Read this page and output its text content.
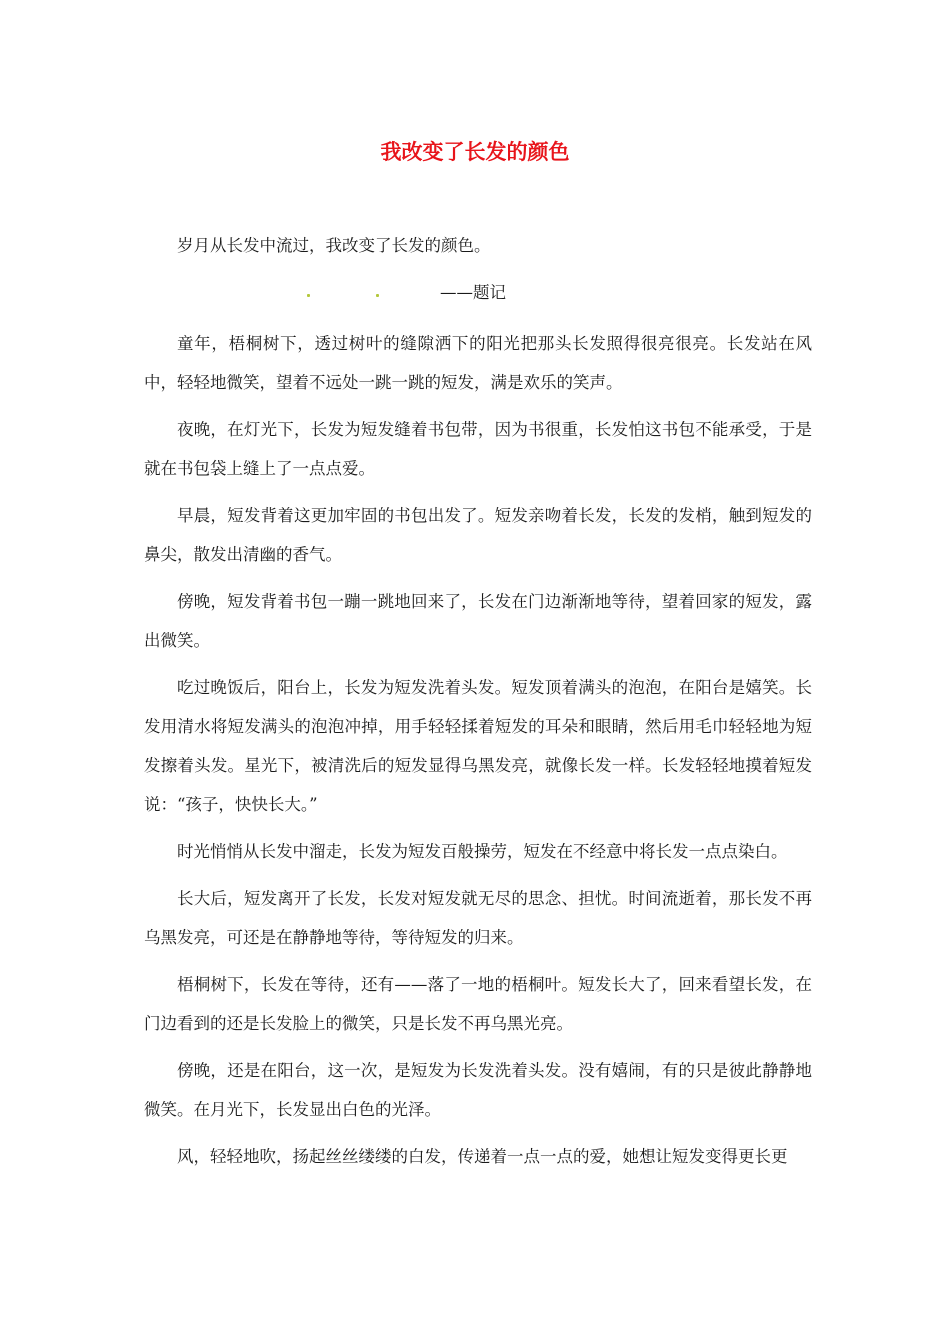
我改变了长发的颜色

岁月从长发中流过，我改变了长发的颜色。

——题记

童年，梧桐树下，透过树叶的缝隙洒下的阳光把那头长发照得很亮很亮。长发站在风中，轻轻地微笑，望着不远处一跳一跳的短发，满是欢乐的笑声。

夜晚，在灯光下，长发为短发缝着书包带，因为书很重，长发怕这书包不能承受，于是就在书包袋上缝上了一点点爱。

早晨，短发背着这更加牢固的书包出发了。短发亲吻着长发，长发的发梢，触到短发的鼻尖，散发出清幽的香气。

傍晚，短发背着书包一蹦一跳地回来了，长发在门边渐渐地等待，望着回家的短发，露出微笑。

吃过晚饭后，阳台上，长发为短发洗着头发。短发顶着满头的泡泡，在阳台是嬉笑。长发用清水将短发满头的泡泡冲掉，用手轻轻揉着短发的耳朵和眼睛，然后用毛巾轻轻地为短发擦着头发。星光下，被清洗后的短发显得乌黑发亮，就像长发一样。长发轻轻地摸着短发说：“孩子，快快长大。”

时光悄悄从长发中溜走，长发为短发百般操劳，短发在不经意中将长发一点点染白。

长大后，短发离开了长发，长发对短发就无尽的思念、担忧。时间流逝着，那长发不再乌黑发亮，可还是在静静地等待，等待短发的归来。

梧桐树下，长发在等待，还有——落了一地的梧桐叶。短发长大了，回来看望长发，在门边看到的还是长发脸上的微笑，只是长发不再乌黑光亮。

傍晚，还是在阳台，这一次，是短发为长发洗着头发。没有嬉闹，有的只是彼此静静地微笑。在月光下，长发显出白色的光泽。

风，轻轻地吹，扬起丝丝缕缕的白发，传递着一点一点的爱，她想让短发变得更长更
